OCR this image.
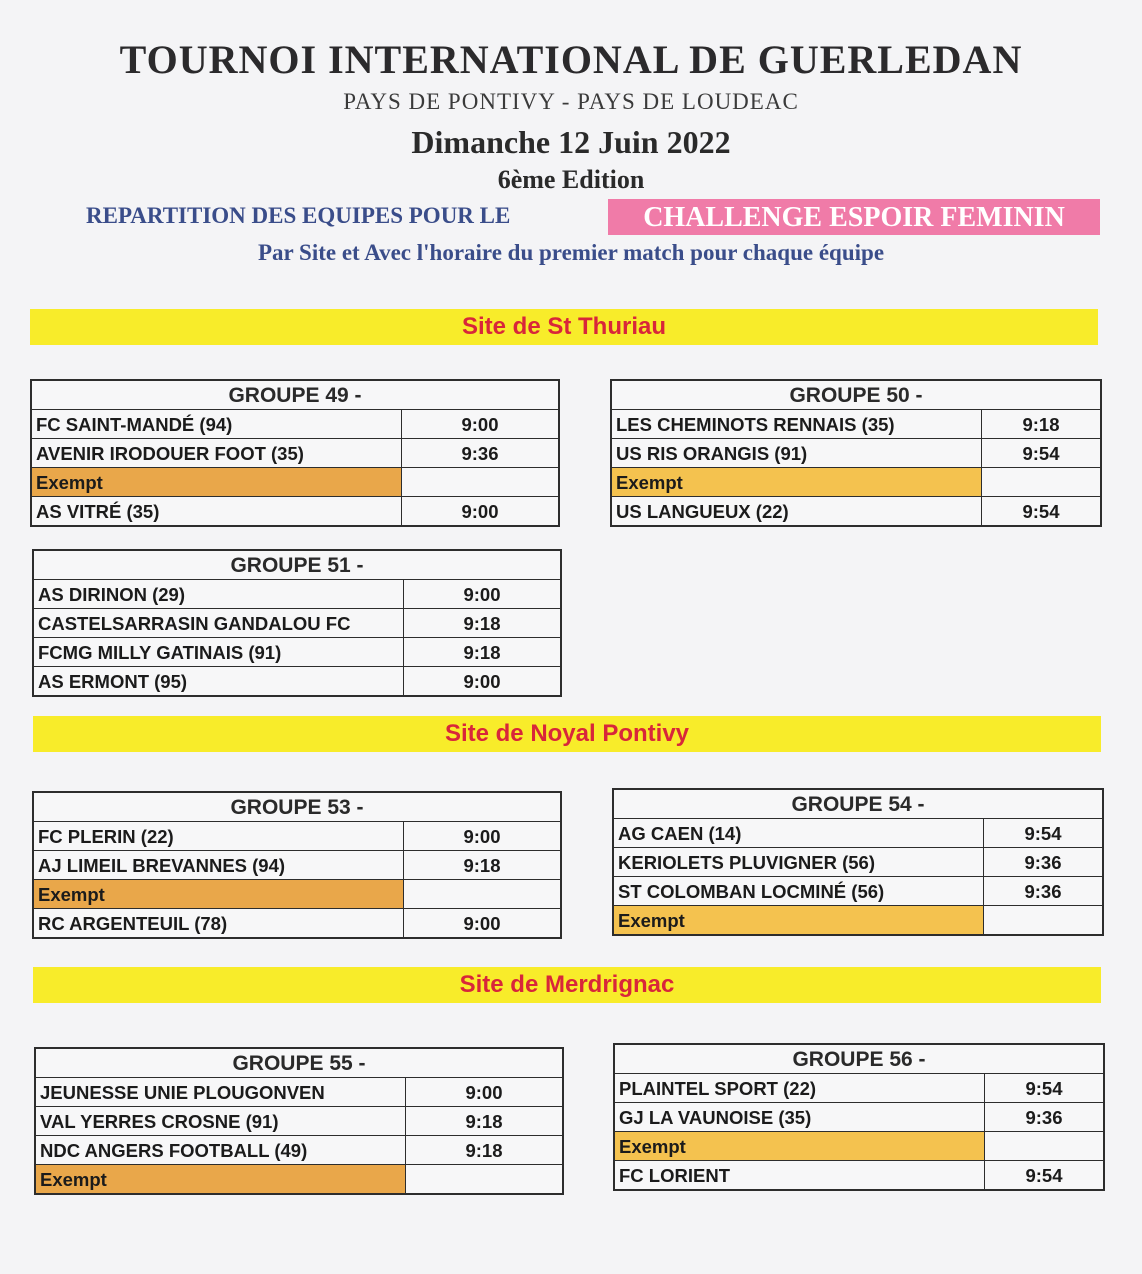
TOURNOI INTERNATIONAL DE GUERLEDAN
PAYS DE PONTIVY - PAYS DE LOUDEAC
Dimanche 12 Juin 2022
6ème Edition
REPARTITION DES EQUIPES POUR LE	CHALLENGE ESPOIR FEMININ
Par Site et Avec l'horaire du premier match pour chaque équipe
Site de St Thuriau
Site de Noyal Pontivy
Site de Merdrignac
GROUPE 49 -
FC SAINT-MANDÉ (94)	9:00
AVENIR IRODOUER FOOT (35)	9:36
Exempt
AS VITRÉ (35)	9:00
GROUPE 50 -
LES CHEMINOTS RENNAIS (35)	9:18
US RIS ORANGIS (91)	9:54
Exempt
US LANGUEUX (22)	9:54
GROUPE 51 -
AS DIRINON (29)	9:00
CASTELSARRASIN GANDALOU FC	9:18
FCMG MILLY GATINAIS (91)	9:18
AS ERMONT (95)	9:00
GROUPE 53 -
FC PLERIN (22)	9:00
AJ LIMEIL BREVANNES (94)	9:18
Exempt
RC ARGENTEUIL (78)	9:00
GROUPE 54 -
AG CAEN (14)	9:54
KERIOLETS PLUVIGNER (56)	9:36
ST COLOMBAN LOCMINÉ (56)	9:36
Exempt
GROUPE 55 -
JEUNESSE UNIE PLOUGONVEN	9:00
VAL YERRES CROSNE (91)	9:18
NDC ANGERS FOOTBALL (49)	9:18
Exempt
GROUPE 56 -
PLAINTEL SPORT (22)	9:54
GJ LA VAUNOISE (35)	9:36
Exempt
FC LORIENT	9:54
